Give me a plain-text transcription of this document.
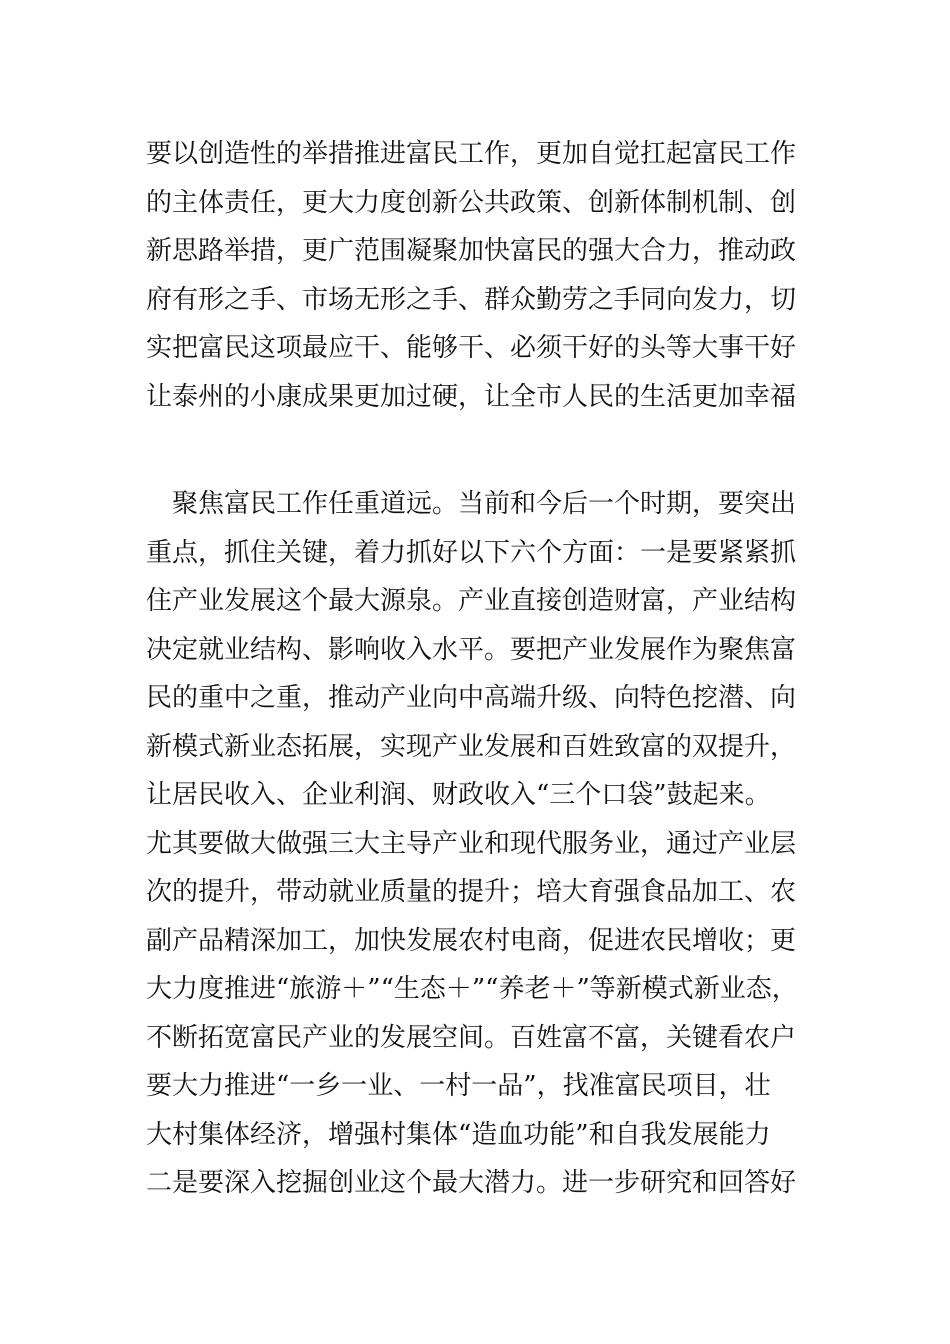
要以创造性的举措推进富民工作，更加自觉扛起富民工作
的主体责任，更大力度创新公共政策、创新体制机制、创
新思路举措，更广范围凝聚加快富民的强大合力，推动政
府有形之手、市场无形之手、群众勤劳之手同向发力，切
实把富民这项最应干、能够干、必须干好的头等大事干好
让泰州的小康成果更加过硬，让全市人民的生活更加幸福
　聚焦富民工作任重道远。当前和今后一个时期，要突出
重点，抓住关键，着力抓好以下六个方面：一是要紧紧抓
住产业发展这个最大源泉。产业直接创造财富，产业结构
决定就业结构、影响收入水平。要把产业发展作为聚焦富
民的重中之重，推动产业向中高端升级、向特色挖潜、向
新模式新业态拓展，实现产业发展和百姓致富的双提升，
让居民收入、企业利润、财政收入“三个口袋”鼓起来。
尤其要做大做强三大主导产业和现代服务业，通过产业层
次的提升，带动就业质量的提升；培大育强食品加工、农
副产品精深加工，加快发展农村电商，促进农民增收；更
大力度推进“旅游＋”“生态＋”“养老＋”等新模式新业态，
不断拓宽富民产业的发展空间。百姓富不富，关键看农户
要大力推进“一乡一业、一村一品”，找准富民项目，壮
大村集体经济，增强村集体“造血功能”和自我发展能力
二是要深入挖掘创业这个最大潜力。进一步研究和回答好
